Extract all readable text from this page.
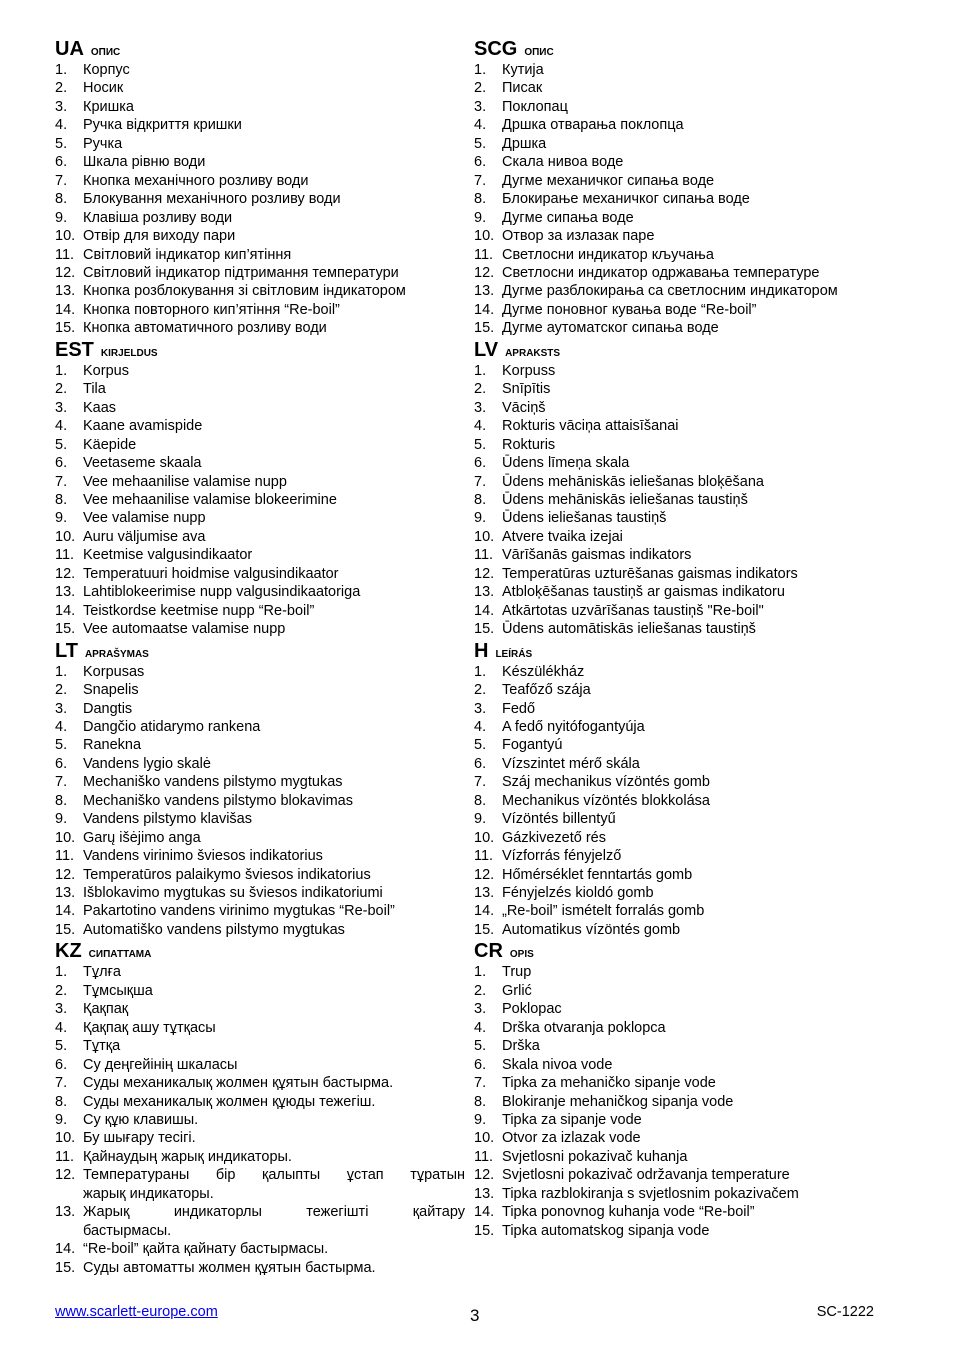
UA опис
1. Корпус
2. Носик
3. Кришка
4. Ручка відкриття кришки
5. Ручка
6. Шкала рівню води
7. Кнопка механічного розливу води
8. Блокування механічного розливу води
9. Клавіша розливу води
10. Отвір для виходу пари
11. Світловий індикатор кип’ятіння
12. Світловий індикатор підтримання температури
13. Кнопка розблокування зі світловим індикатором
14. Кнопка повторного кип’ятіння “Re-boil”
15. Кнопка автоматичного розливу води
EST kirjeldus
1. Korpus
2. Tila
3. Kaas
4. Kaane avamispide
5. Käepide
6. Veetaseme skaala
7. Vee mehaanilise valamise nupp
8. Vee mehaanilise valamise blokeerimine
9. Vee valamise nupp
10. Auru väljumise ava
11. Keetmise valgusindikaator
12. Temperatuuri hoidmise valgusindikaator
13. Lahtiblokeerimise nupp valgusindikaatoriga
14. Teistkordse keetmise nupp “Re-boil”
15. Vee automaatse valamise nupp
LT aprašymas
1. Korpusas
2. Snapelis
3. Dangtis
4. Dangčio atidarymo rankena
5. Ranekna
6. Vandens lygio skalė
7. Mechaniško vandens pilstymo mygtukas
8. Mechaniško vandens pilstymo blokavimas
9. Vandens pilstymo klavišas
10. Garų išėjimo anga
11. Vandens virinimo šviesos indikatorius
12. Temperatūros palaikymo šviesos indikatorius
13. Išblokavimo mygtukas su šviesos indikatoriumi
14. Pakartotino vandens virinimo mygtukas “Re-boil”
15. Automatiško vandens pilstymo mygtukas
KZ сипаттама
1. Тұлға
2. Тұмсықша
3. Қақпақ
4. Қақпақ ашу тұтқасы
5. Тұтқа
6. Су деңгейінің шкаласы
7. Суды механикалық жолмен құятын бастырма.
8. Суды механикалық жолмен құюды тежегіш.
9. Су құю клавишы.
10. Бу шығару тесігі.
11. Қайнаудың жарық индикаторы.
12. Температураны бір қалыпты ұстап тұратын
жарық индикаторы.
13. Жарық индикаторлы тежегішті қайтару
бастырмасы.
14. “Re-boil” қайта қайнату бастырмасы.
15. Суды автоматты жолмен құятын бастырма.
SCG опис
1. Кутија
2. Писак
3. Поклопац
4. Дршка отварања поклопца
5. Дршка
6. Скала нивоа воде
7. Дугме механичког сипања воде
8. Блокирање механичког сипања воде
9. Дугме сипања воде
10. Отвор за излазак паре
11. Светлосни индикатор кључања
12. Светлосни индикатор одржавања температуре
13. Дугме разблокирања са светлосним индикатором
14. Дугме поновног кувања воде “Re-boil”
15. Дугме аутоматског сипања воде
LV apraksts
1. Korpuss
2. Snīpītis
3. Vāciņš
4. Rokturis vāciņa attaisīšanai
5. Rokturis
6. Ūdens līmeņa skala
7. Ūdens mehāniskās ieliešanas bloķēšana
8. Ūdens mehāniskās ieliešanas taustiņš
9. Ūdens ieliešanas taustiņš
10. Atvere tvaika izejai
11. Vārīšanās gaismas indikators
12. Temperatūras uzturēšanas gaismas indikators
13. Atbloķēšanas taustiņš ar gaismas indikatoru
14. Atkārtotas uzvārīšanas taustiņš "Re-boil"
15. Ūdens automātiskās ieliešanas taustiņš
H leírás
1. Készülékház
2. Teafőző szája
3. Fedő
4. A fedő nyitófogantyúja
5. Fogantyú
6. Vízszintet mérő skála
7. Száj mechanikus vízöntés gomb
8. Mechanikus vízöntés blokkolása
9. Vízöntés billentyű
10. Gázkivezető rés
11. Vízforrás fényjelző
12. Hőmérséklet fenntartás gomb
13. Fényjelzés kioldó gomb
14. „Re-boil” ismételt forralás gomb
15. Automatikus vízöntés gomb
CR opis
1. Trup
2. Grlić
3. Poklopac
4. Drška otvaranja poklopca
5. Drška
6. Skala nivoa vode
7. Tipka za mehaničko sipanje vode
8. Blokiranje mehaničkog sipanja vode
9. Tipka za sipanje vode
10. Otvor za izlazak vode
11. Svjetlosni pokazivač kuhanja
12. Svjetlosni pokazivač održavanja temperature
13. Tipka razblokiranja s svjetlosnim pokazivačem
14. Tipka ponovnog kuhanja vode “Re-boil”
15. Tipka automatskog sipanja vode
www.scarlett-europe.com	3	SC-1222
